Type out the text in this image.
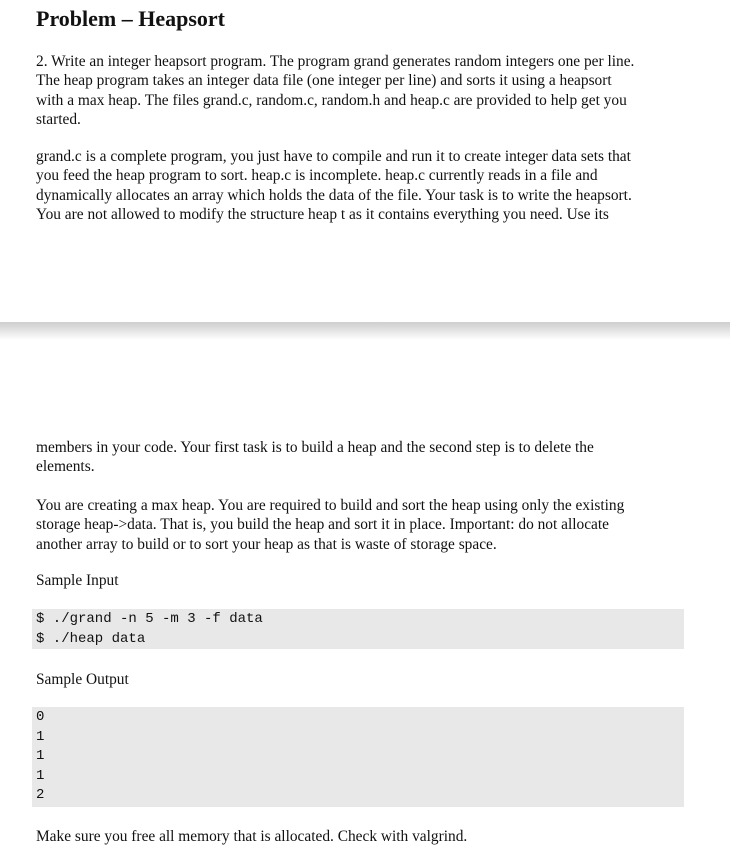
Problem – Heapsort

2. Write an integer heapsort program. The program grand generates random integers one per line.
The heap program takes an integer data file (one integer per line) and sorts it using a heapsort
with a max heap. The files grand.c, random.c, random.h and heap.c are provided to help get you
started.

grand.c is a complete program, you just have to compile and run it to create integer data sets that
you feed the heap program to sort. heap.c is incomplete. heap.c currently reads in a file and
dynamically allocates an array which holds the data of the file. Your task is to write the heapsort.
You are not allowed to modify the structure heap t as it contains everything you need. Use its

members in your code. Your first task is to build a heap and the second step is to delete the
elements.

You are creating a max heap. You are required to build and sort the heap using only the existing
storage heap->data. That is, you build the heap and sort it in place. Important: do not allocate
another array to build or to sort your heap as that is waste of storage space.

Sample Input
$ ./grand -n 5 -m 3 -f data
$ ./heap data
Sample Output
0
1
1
1
2
Make sure you free all memory that is allocated. Check with valgrind.
